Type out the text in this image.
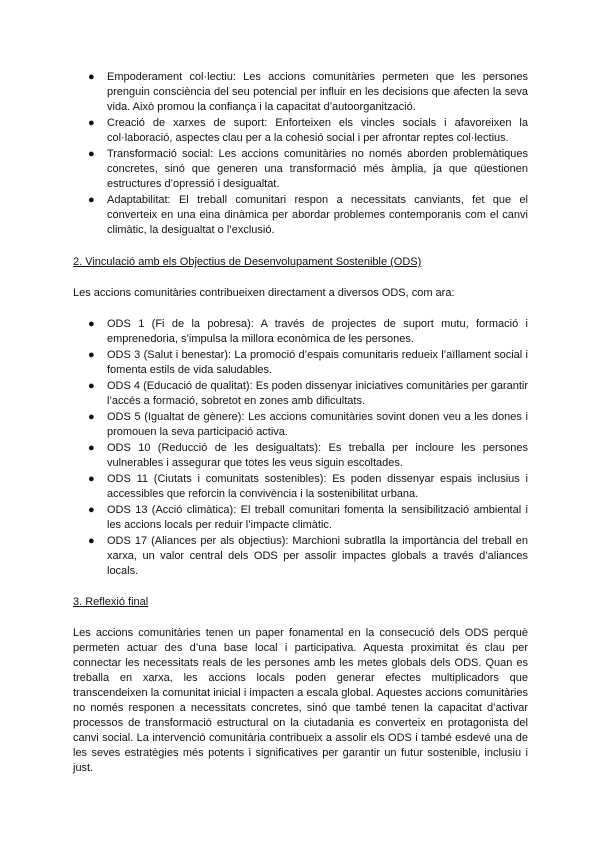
●	Empoderament col·lectiu: Les accions comunitàries permeten que les persones prenguin consciència del seu potencial per influir en les decisions que afecten la seva vida. Això promou la confiança i la capacitat d’autoorganització.
●	Creació de xarxes de suport: Enforteixen els vincles socials i afavoreixen la col·laboració, aspectes clau per a la cohesió social i per afrontar reptes col·lectius.
●	Transformació social: Les accions comunitàries no només aborden problemàtiques concretes, sinó que generen una transformació més àmplia, ja que qüestionen estructures d’opressió i desigualtat.
●	Adaptabilitat: El treball comunitari respon a necessitats canviants, fet que el converteix en una eina dinàmica per abordar problemes contemporanis com el canvi climàtic, la desigualtat o l’exclusió.

2. Vinculació amb els Objectius de Desenvolupament Sostenible (ODS)

Les accions comunitàries contribueixen directament a diversos ODS, com ara:

●	ODS 1 (Fi de la pobresa): A través de projectes de suport mutu, formació i emprenedoria, s’impulsa la millora econòmica de les persones.
●	ODS 3 (Salut i benestar): La promoció d’espais comunitaris redueix l’aïllament social i fomenta estils de vida saludables.
●	ODS 4 (Educació de qualitat): Es poden dissenyar iniciatives comunitàries per garantir l’accés a formació, sobretot en zones amb dificultats.
●	ODS 5 (Igualtat de gènere): Les accions comunitàries sovint donen veu a les dones i promouen la seva participació activa.
●	ODS 10 (Reducció de les desigualtats): Es treballa per incloure les persones vulnerables i assegurar que totes les veus siguin escoltades.
●	ODS 11 (Ciutats i comunitats sostenibles): Es poden dissenyar espais inclusius i accessibles que reforcin la convivència i la sostenibilitat urbana.
●	ODS 13 (Acció climàtica): El treball comunitari fomenta la sensibilització ambiental i les accions locals per reduir l’impacte climàtic.
●	ODS 17 (Aliances per als objectius): Marchioni subratlla la importància del treball en xarxa, un valor central dels ODS per assolir impactes globals a través d’aliances locals.

3. Reflexió final

Les accions comunitàries tenen un paper fonamental en la consecució dels ODS perquè permeten actuar des d’una base local i participativa. Aquesta proximitat és clau per connectar les necessitats reals de les persones amb les metes globals dels ODS. Quan es treballa en xarxa, les accions locals poden generar efectes multiplicadors que transcendeixen la comunitat inicial i impacten a escala global. Aquestes accions comunitàries no només responen a necessitats concretes, sinó que també tenen la capacitat d’activar processos de transformació estructural on la ciutadania es converteix en protagonista del canvi social. La intervenció comunitària contribueix a assolir els ODS i també esdevé una de les seves estratègies més potents i significatives per garantir un futur sostenible, inclusiu i just.
